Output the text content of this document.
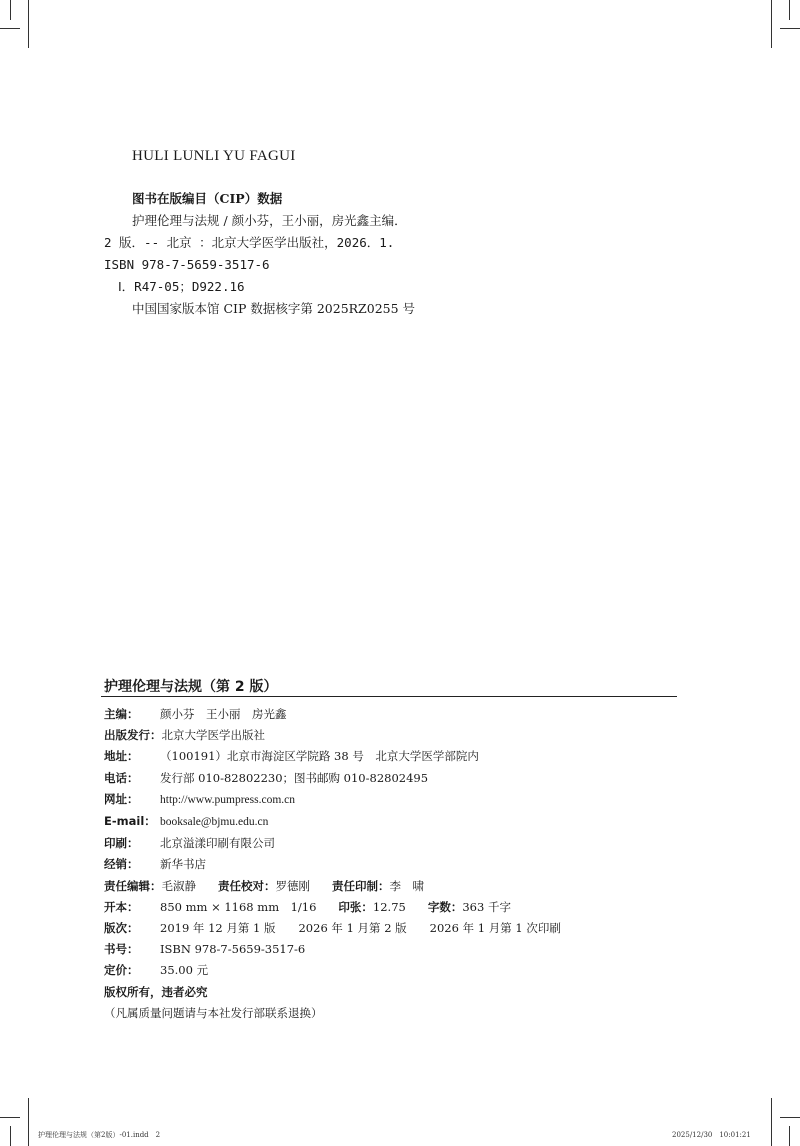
HULI LUNLI YU FAGUI
图书在版编目（CIP）数据
护理伦理与法规 / 颜小芬，王小丽，房光鑫主编．
2 版．-- 北京 ：北京大学医学出版社，2026．1.
ISBN 978-7-5659-3517-6
Ⅰ．R47-05；D922.16
中国国家版本馆 CIP 数据核字第 2025RZ0255 号
护理伦理与法规（第 2 版）
主编： 颜小芬　王小丽　房光鑫
出版发行：北京大学医学出版社
地址： （100191）北京市海淀区学院路 38 号　北京大学医学部院内
电话： 发行部 010-82802230；图书邮购 010-82802495
网址： http://www.pumpress.com.cn
E-mail： booksale@bjmu.edu.cn
印刷： 北京溢漾印刷有限公司
经销： 新华书店
责任编辑：毛淑静 责任校对：罗德刚 责任印制：李　啸
开本： 850 mm × 1168 mm　1/16 印张：12.75 字数：363 千字
版次： 2019 年 12 月第 1 版　　2026 年 1 月第 2 版　　2026 年 1 月第 1 次印刷
书号： ISBN 978-7-5659-3517-6
定价： 35.00 元
版权所有，违者必究
（凡属质量问题请与本社发行部联系退换）
护理伦理与法规（第2版）-01.indd　2	2025/12/30　10:01:21
